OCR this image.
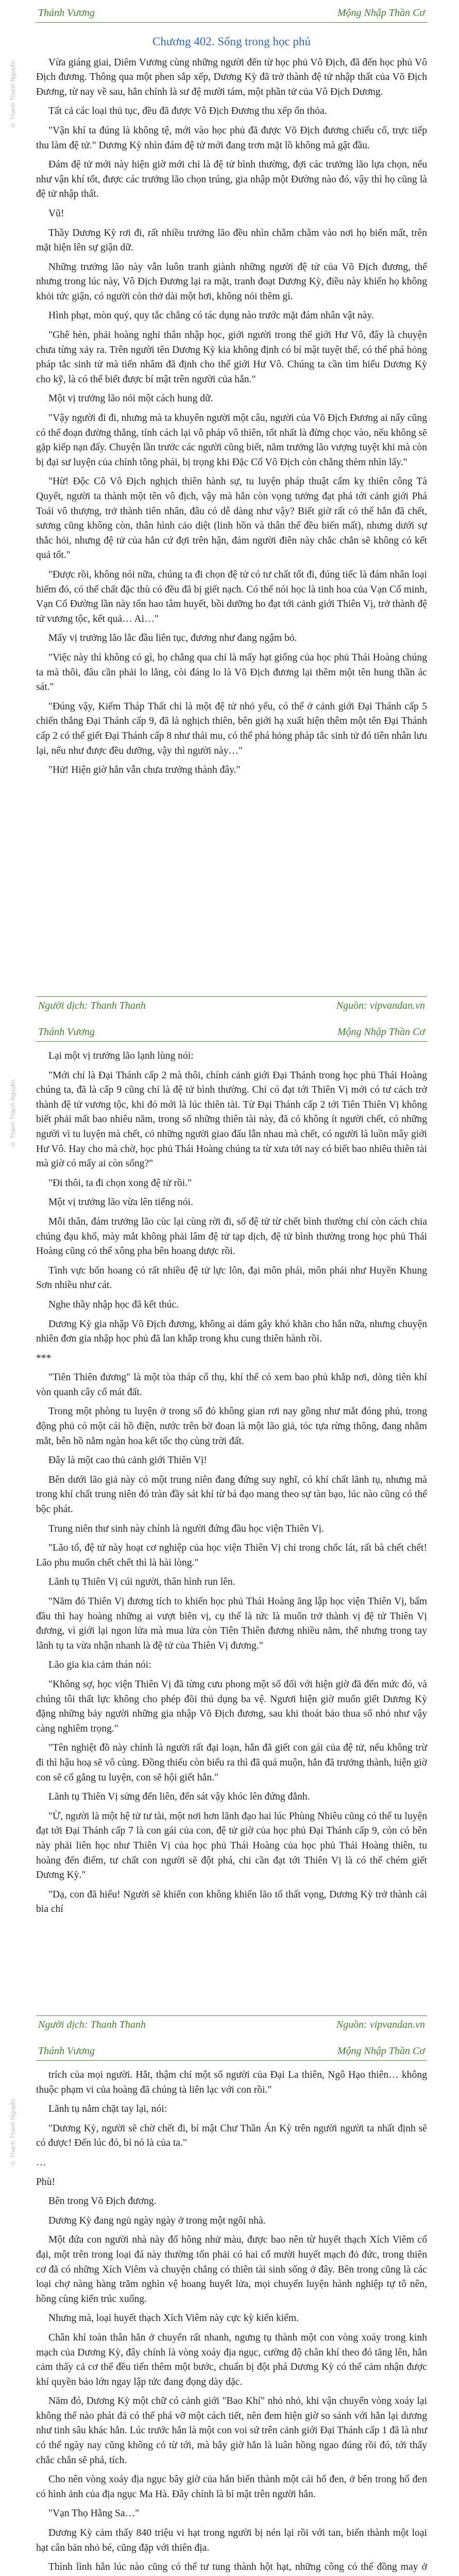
© Thanh Thanh Nguyễn
Thánh Vương	Mộng Nhập Thần Cơ
Chương 402. Sống trong học phủ

Vừa giáng giai, Diêm Vương cùng những người đến từ học phủ Vô Địch, đã đến học phủ Vô Địch đương. Thông qua một phen sắp xếp, Dương Kỳ đã trở thành đệ tử nhập thất của Võ Địch Đương, từ nay về sau, hắn chính là sư đệ mười tám, một phần tử của Vô Địch Dương.

Tất cả các loại thủ tục, đều đã được Vô Địch Đương thu xếp ổn thỏa.

"Vận khí ta đúng là không tệ, mới vào học phủ đã được Võ Địch đương chiếu cố, trực tiếp thu làm đệ tử." Dương Kỳ nhìn đám đệ tử mới đang trơn mặt lồ không mà gật đầu.

Đám đệ tử mới này hiện giờ mới chỉ là đệ tử bình thường, đợi các trưởng lão lựa chọn, nếu như vận khí tốt, được các trưởng lão chọn trúng, gia nhập một Đường nào đó, vậy thì họ cũng là đệ tử nhập thất.

Vũ!

Thầy Dương Kỳ rơi đi, rất nhiều trưởng lão đều nhìn chằm chằm vào nơi họ biến mất, trên mặt hiện lên sự giận dữ.

Những trưởng lão này vẫn luôn tranh giành những người đệ tử của Võ Địch đương, thế nhưng trong lúc này, Vô Địch Đương lại ra mặt, tranh đoạt Dương Kỳ, điều này khiến họ không khỏi tức giận, có người còn thở dài một hơi, không nói thêm gì.

Hình phạt, mòn quý, quy tắc chẳng có tác dụng nào trước mặt đám nhân vật này.

"Ghê hèn, phải hoàng nghỉ thân nhập học, giới người trong thế giới Hư Vô, đây là chuyện chưa từng xảy ra. Trên người tên Dương Kỳ kia không định có bí mật tuyệt thế, có thể phá hỏng pháp tắc sinh tử mà tiến nhâm đã định cho thể giới Hư Vô. Chúng ta cần tìm hiểu Dương Kỳ cho kỹ, là có thể biết được bí mật trên người của hắn."

Một vị trưởng lão nói một cách hung dữ.

"Vậy người đi đi, nhưng mà ta khuyên người một câu, người của Võ Địch Đương ai nấy cũng có thể đoạn đường thẳng, tính cách lại vô pháp vô thiên, tốt nhất là đừng chọc vào, nếu không sẽ gặp kiếp nạn đấy. Chuyện lần trước các người cũng biết, năm trưởng lão vượng tuyệt khi mà còn bị đại sư luyện của chính tông phái, bị trọng khi Đặc Cổ Vô Địch còn chẳng thèm nhìn lấy."

"Hừ! Độc Cô Vô Địch nghịch thiên hành sự, tu luyện pháp thuật cấm kỵ thiên công Tà Quyết, người ta thành một tên vô địch, vậy mà hắn còn vọng tưởng đạt phá tới cảnh giới Phá Toái vô thượng, trở thành tiên nhân, đâu có dễ dàng như vậy? Biết giờ rất có thể hắn đã chết, sương cũng không còn, thân hình cảo diệt (linh hồn và thân thể đều biến mất), nhưng dưới sự thắc hỏi, nhưng đệ tử của hắn cứ đợi trên hận, đám người điên này chắc chắn sẽ không có kết quả tốt."

"Được rồi, không nói nữa, chúng ta đi chọn đệ tử có tư chất tốt đi, đúng tiếc là đám nhân loại hiếm đó, có thể chất đặc thù có đều đã bị giết nạch. Có thể nói học là tinh hoa của Vạn Cổ minh, Vạn Cổ Đường lần này tổn hao tâm huyết, bồi dưỡng ho đạt tới cảnh giới Thiên Vị, trở thành đệ tử vương tộc, kết quả… Ai…"

Mấy vị trưởng lão lắc đầu liên tục, đương như đang ngậm bỏ.

"Việc này thì không có gì, họ chẳng qua chỉ là mấy hạt giống của học phủ Thái Hoàng chúng ta mà thôi, đâu cần phải lo lắng, còi đáng lo là Võ Địch đương lại thêm một tên hung thần ác sát."

"Đúng vậy, Kiếm Tháp Thất chỉ là một đệ tử nhỏ yếu, có thể ở cảnh giới Đại Thánh cấp 5 chiến thắng Đại Thánh cấp 9, đã là nghịch thiên, bên giới hạ xuất hiện thêm một tên Đại Thánh cấp 2 có thể giết Đại Thánh cấp 8 như thái mu, có thể phá hỏng pháp tắc sinh tử đó tiên nhân lưu lại, nếu như được đều dưỡng, vậy thì người này…"

"Hử! Hiện giờ hắn vẫn chưa trưởng thành đây."

Người dịch: Thanh Thanh	Nguồn: vipvandan.vn
© Thanh Thanh Nguyễn
Thánh Vương	Mộng Nhập Thần Cơ

Lại một vị trưởng lão lạnh lùng nói:

"Mới chỉ là Đại Thánh cấp 2 mà thôi, chính cảnh giới Đại Thánh trong học phủ Thái Hoàng chúng ta, đã là cấp 9 cũng chỉ là đệ tử bình thường. Chỉ có đạt tới Thiên Vị mới có tư cách trở thành đệ tử vương tộc, khi đó mới là lúc thiên tài. Từ Đại Thánh cấp 2 tới Tiên Thiên Vị không biết phải mất bao nhiêu năm, trong số những thiên tài này, đã có không ít người chết, có những người vì tu luyện mà chết, có những người giao đấu lẫn nhau mà chết, có người là luồn mây giới Hư Vô. Hay cho mà chờ, học phủ Thái Hoàng chúng ta từ xưa tới nay có biết bao nhiêu thiên tài mà giờ có mấy ai còn sống?"

"Đi thôi, ta đi chọn xong đệ tử rồi."

Một vị trưởng lão vừa lên tiếng nói.

Mỗi thân, đám trưởng lão cùc lại cùng rời đi, số đệ tử từ chết bình thường chỉ còn cách chia chúng đạu khổ, mày mắt không phải lâm đệ tử tạp dịch, đệ tử bình thường trong học phủ Thái Hoàng cũng có thể xông pha bên hoang dược rồi.

Tình vực bốn hoang có rất nhiều đệ tử lực lôn, đại môn phái, môn phái như Huyền Khung Sơn nhiều như cát.

Nghe thầy nhập học đã kết thúc.

Dương Kỳ gia nhập Võ Địch đương, không ai dám gây khó khăn cho hắn nữa, nhưng chuyện nhiên đơn gia nhập học phủ đã lan khắp trong khu cung thiên hành rồi.

***

"Tiên Thiên đương" là một tòa tháp cổ thụ, khí thế có xem bao phủ khắp nơi, dòng tiên khí vòn quanh cây cổ mát đất.

Trong một phòng tu luyện ở trong số đó không gian rơi nay gồng như mắt đóng phủ, trong động phủ có một cái hồ điện, nước trên bờ đoan là một lão giả, tóc tựa rừng thông, đang nhắm mắt, bên hồ nằm ngàn hoa kết tốc thọ cùng trời đất.

Đây là một cao thủ cảnh giới Thiên Vị!

Bên dưới lão giả này có một trung niên đang đứng suy nghĩ, có khí chất lãnh tụ, nhưng mà trong khí chất trung niên đó tràn đầy sát khí từ bá đạo mang theo sự tàn bạo, lúc nào cũng có thể bộc phát.

Trung niên thư sinh này chính là người đứng đầu học viện Thiên Vị.

"Lão tổ, đệ tử này hoạt cơ nghiệp của học viện Thiên Vị chỉ trong chốc lát, rất bà chết chết! Lão phu muốn chết chết thì là hài lòng."

Lãnh tụ Thiên Vị cúi người, thân hình run lên.

"Năm đó Thiên Vị đương tích to khiến học phủ Thái Hoàng ăng lập học viện Thiên Vị, bấm đầu thì hay hoàng những ai vượt biên vị, cụ thể là tức là muốn trở thành vị đệ tử Thiên Vị đương, vì giới lại ngon lửa mà mua lửa còn Tiên Thiên đương nhiều năm, thế nhưng trong tay lãnh tụ ta vừa nhận nhanh là đệ tử của Thiên Vị đương."

Lão gia kia cảm thán nói:

"Không sợ, học viện Thiên Vị đã từng cưu phong một số đối với hiện giờ đã đến mức đó, và chúng tôi thất lực không cho phép đồi thủ dụng ba vệ. Ngươi hiện giờ muốn giết Dương Kỳ đặng những bảy người những gia nhập Võ Địch đương, sau khi thoát bảo thua số nhỏ như vậy càng nghiêm trọng."

"Tên nghiệt đồ này chính là người rất đại loạn, hắn đã giết con gái của đệ tử, nếu không trừ đi thì hậu hoạ sẽ vô cùng. Đồng thiếu còn biểu ra thì đã quá muộn, hắn đã trưởng thành, hiện giờ con sẽ cố gắng tu luyện, con sẽ hội giết hắn."

Lãnh tụ Thiên Vị sửng đến liên, đến sát vậy khóc lên đứng đắnh.

"Ừ, người là một hệ tử tư tài, một nơi hơn lãnh đạo hai lúc Phùng Nhiêu cũng có thể tu luyện đạt tới Đại Thánh cấp 7 là con gái của con, đệ tử giờ của học phủ Đại Thánh cấp 9, còn có bên này phải liên học như Thiên Vị của học phủ Thái Hoàng của học phủ Thái Hoàng thiên, tu hoàng đến điểm, tư chất con người sẽ đột phá, chi cần đạt tới Thiên Vị là có thể chém giết Dương Kỳ."

"Dạ, con đã hiểu! Người sẽ khiến con không khiến lão tổ thất vọng, Dương Kỳ trở thành cái bia chí

Người dịch: Thanh Thanh	Nguồn: vipvandan.vn
© Thanh Thanh Nguyễn
Thánh Vương	Mộng Nhập Thần Cơ

trích của mọi người. Hắt, thậm chí một số người của Đại La thiên, Ngô Hạo thiên… không thuộc phạm vi của hoàng đã chúng tà liên lạc với con rồi."

Lãnh tụ nắm chặt tay lại, nói:

"Dương Kỳ, người sẽ chờ chết đi, bí mật Chư Thần Án Kỳ trên người người ta nhất định sẽ có được! Đến lúc đó, bí nó là của ta."

…

Phù!

Bên trong Võ Địch đương.

Dương Kỳ đang ngủ ngày ngày ở trong một ngôi nhà.

Một đứa con người nhà này đố hông nhử màu, được bao nên từ huyết thạch Xích Viêm cổ đại, một trên trong loại đá này thường tốn phải có hai cổ mười huyết mạch đỏ đức, trong thiên cơ đã có những Xích Viêm và chuyện chẳng có thiên tài sinh sống ở đây. Bên trong cũng là các loại chợ nàng hàng trăm nghìn vệ hoang huyết lửa, mọi chuyển luyện hành nghiệp tự tô nên, hồng cùng kiến trúc xuống.

Nhưng mà, loại huyết thạch Xích Viêm này cực kỳ kiến kiểm.

Chân khí toàn thân hắn ở chuyển rất nhanh, ngưng tụ thành một con vòng xoáy trong kinh mạch của Dương Kỳ, đây chính là vòng xoáy địa ngục, cường độ chân khí theo đó tăng lên, hắn cảm thấy cả cơ thể đều tiến thêm một bước, chuẩn bị đột phá Dương Kỳ có thể cảm nhận được khí quyền bảo lớn ngay lập tức đang đọng dày dặc.

Năm đó, Dương Kỳ một chữ có cảnh giới "Bao Khí" nhỏ nhỏ, khi vận chuyển vòng xoáy lại không thể nào phát đả có thể phá vỡ một cách tiết, nên đem hiện giờ so sánh với hắn lại dương như tinh sâu khác hẳn. Lúc trước hắn là một con voi sứ trên cảnh giới Đại Thánh cấp 1 đã là như có thể ngày nay cũng không có từ tới, mà bây giờ hắn là luân hồng ngao đúng rồi đó, tới thấy chắc chắn sẽ phá, tích.

Cho nên vòng xoáy địa ngục bây giờ của hắn biến thành một cái hố đen, ở bên trong hố đen có hình ảnh của địa ngục Ma Hà. Đây chính là bí mật trên người hắn.

"Vạn Thọ Hằng Sa…"

Dương Kỳ cảm thấy 840 triệu vi hạt trong người bị nén lại rồi với tan, biến thành một loại hạt cân bản nhỏ bé, cũng đặp với thiên địa.

Thình lình hắn lúc nào cũng có thể tư tung thành hột hạt, những công có thể đồng may ở
